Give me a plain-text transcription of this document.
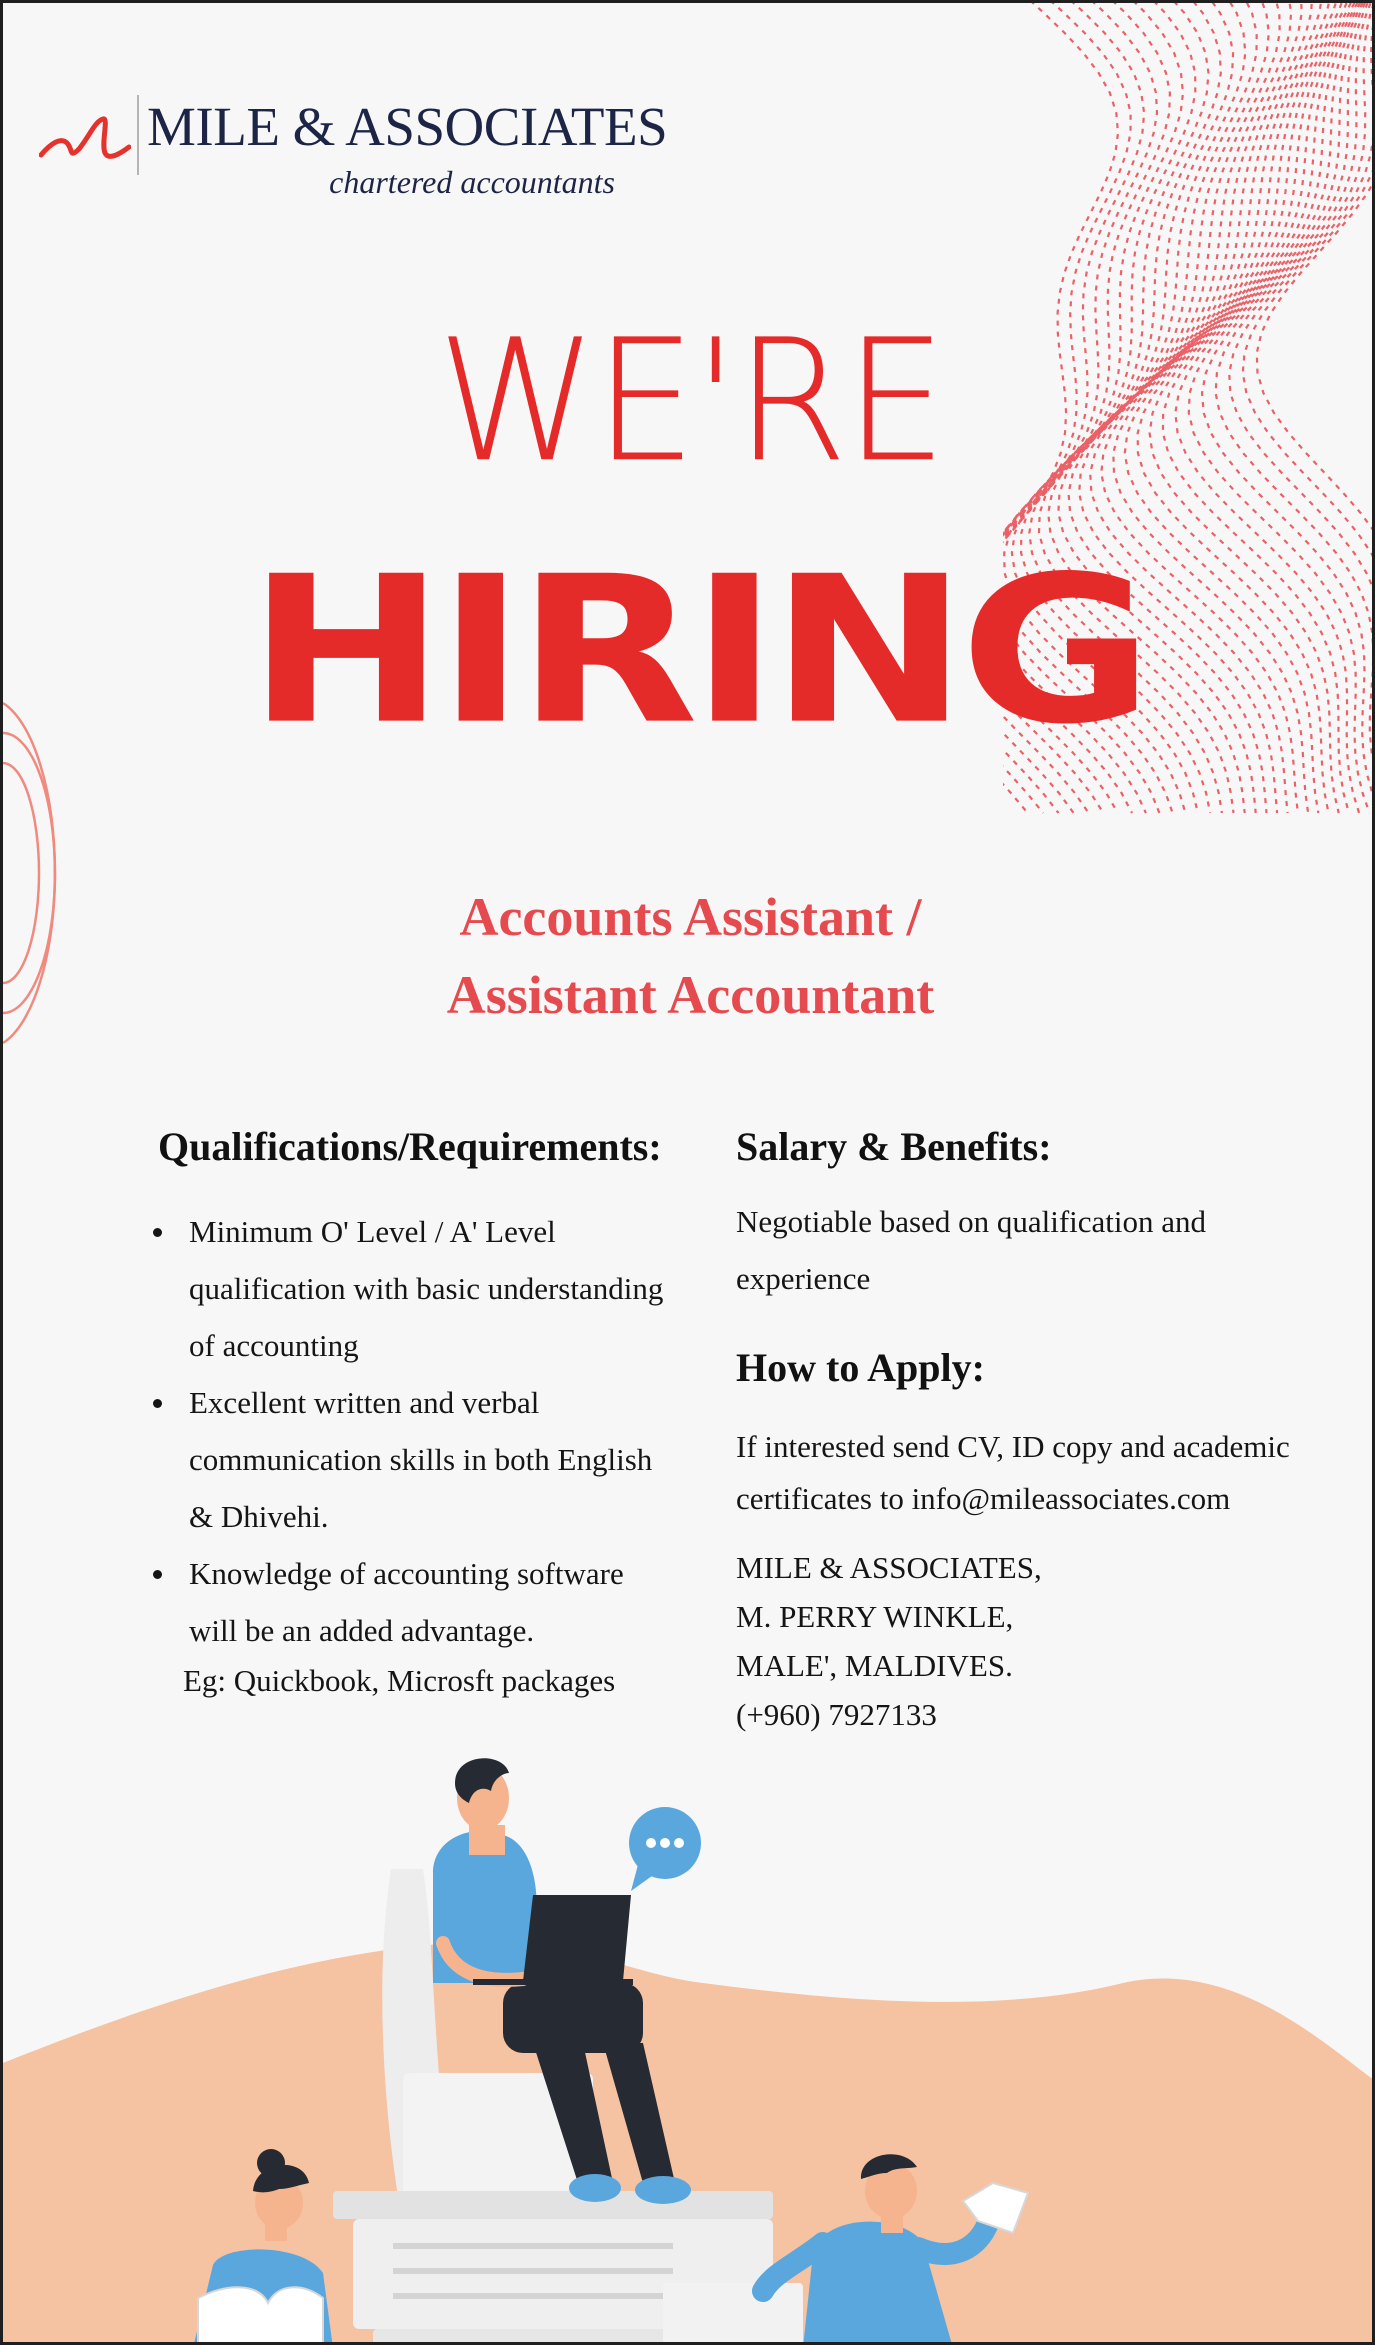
MILE & ASSOCIATES
chartered accountants
WE'RE
HIRING
Accounts Assistant /
Assistant Accountant
Qualifications/Requirements:
Minimum O' Level / A' Level qualification with basic understanding of accounting
Excellent written and verbal communication skills in both English & Dhivehi.
Knowledge of accounting software will be an added advantage.
Eg: Quickbook, Microsft packages
Salary & Benefits:
Negotiable based on qualification and experience
How to Apply:
If interested send CV, ID copy and academic certificates to info@mileassociates.com
MILE & ASSOCIATES,
M. PERRY WINKLE,
MALE', MALDIVES.
(+960) 7927133
